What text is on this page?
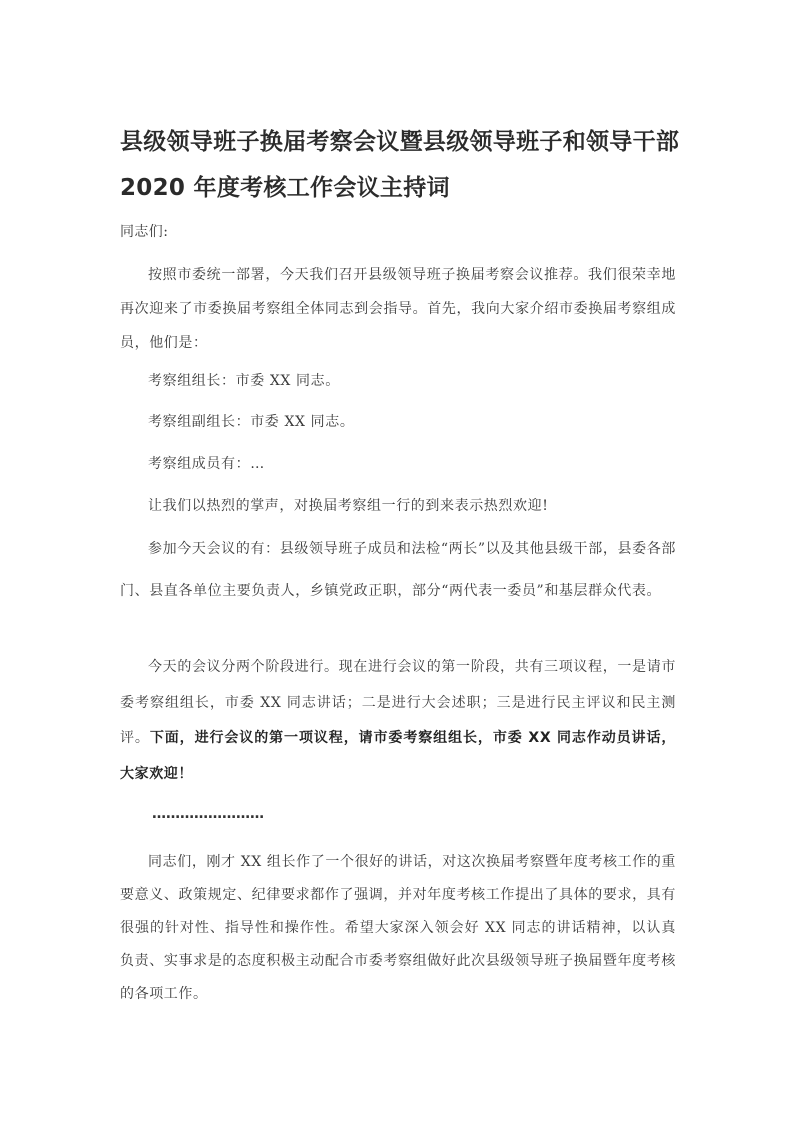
县级领导班子换届考察会议暨县级领导班子和领导干部 2020 年度考核工作会议主持词
同志们:

按照市委统一部署，今天我们召开县级领导班子换届考察会议推荐。我们很荣幸地再次迎来了市委换届考察组全体同志到会指导。首先，我向大家介绍市委换届考察组成员，他们是：

考察组组长：市委 XX 同志。

考察组副组长：市委 XX 同志。

考察组成员有：…

让我们以热烈的掌声，对换届考察组一行的到来表示热烈欢迎!

参加今天会议的有：县级领导班子成员和法检“两长”以及其他县级干部，县委各部门、县直各单位主要负责人，乡镇党政正职，部分“两代表一委员”和基层群众代表。

今天的会议分两个阶段进行。现在进行会议的第一阶段，共有三项议程，一是请市委考察组组长，市委 XX 同志讲话；二是进行大会述职；三是进行民主评议和民主测评。下面，进行会议的第一项议程，请市委考察组组长，市委 XX 同志作动员讲话，大家欢迎！

……………………

同志们，刚才 XX 组长作了一个很好的讲话，对这次换届考察暨年度考核工作的重要意义、政策规定、纪律要求都作了强调，并对年度考核工作提出了具体的要求，具有很强的针对性、指导性和操作性。希望大家深入领会好 XX 同志的讲话精神，以认真负责、实事求是的态度积极主动配合市委考察组做好此次县级领导班子换届暨年度考核的各项工作。
